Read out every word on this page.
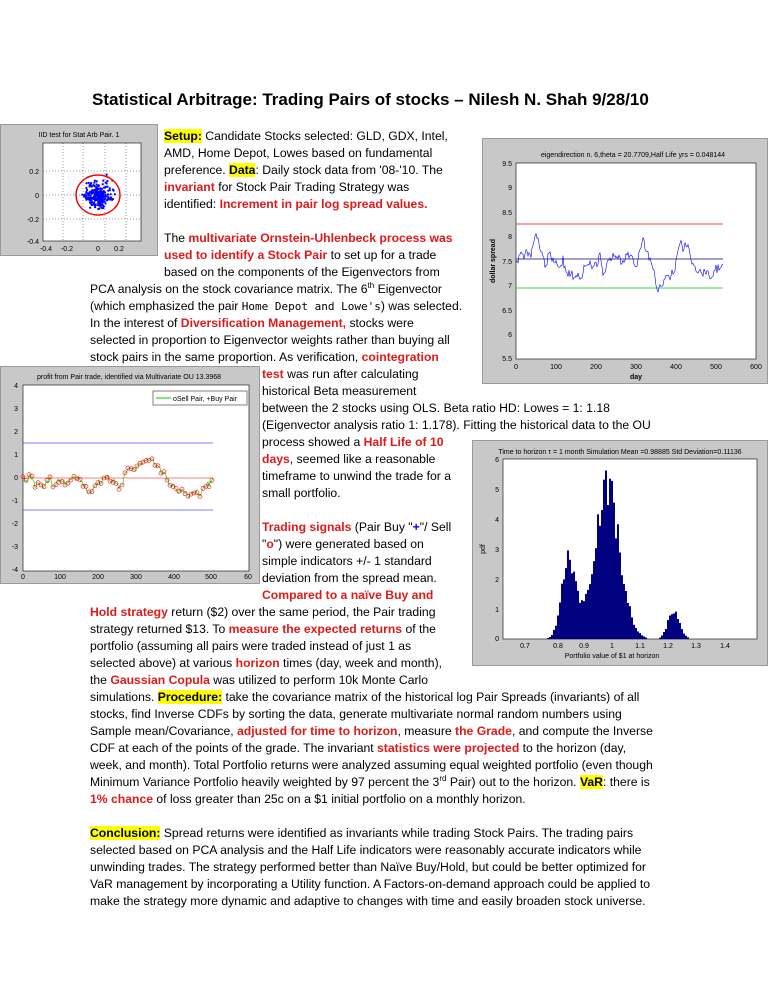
Statistical Arbitrage: Trading Pairs of stocks – Nilesh N. Shah 9/28/10
IID test for Stat Arb Pair. 1
0.2
0
-0.2
-0.4
-0.4 -0.2	0 0.2
eigendirection n. 6,theta = 20.7709,Half Life yrs = 0.048144
9.5
9
8.5
8
7.5
7
6.5
6
5.5
0	100	200	300	400	500	600
day
dollar spread
profit from Pair trade, identified via Multivariate OU 13.3968
oSell Pair, +Buy Pair
4
3
2
1
0
-1
-2
-3
-4
0	100	200	300	400	500	60
Time to horizon τ = 1 month Simulation Mean =0.98885 Std Deviation=0.11136
6
5
4
3
2
1
0
0.7	0.8 0.9	1	1.1	1.2	1.3	1.4
Portfolio value of $1 at horizon
pdf
Setup: Candidate Stocks selected: GLD, GDX, Intel,
AMD, Home Depot, Lowes based on fundamental
preference. Data: Daily stock data from '08-'10. The
invariant for Stock Pair Trading Strategy was
identified: Increment in pair log spread values.
The multivariate Ornstein-Uhlenbeck process was
used to identify a Stock Pair to set up for a trade
based on the components of the Eigenvectors from
PCA analysis on the stock covariance matrix. The 6th Eigenvector
(which emphasized the pair Home Depot and Lowe's) was selected.
In the interest of Diversification Management, stocks were
selected in proportion to Eigenvector weights rather than buying all
stock pairs in the same proportion. As verification, cointegration
test was run after calculating
historical Beta measurement
between the 2 stocks using OLS. Beta ratio HD: Lowes = 1: 1.18
(Eigenvector analysis ratio 1: 1.178). Fitting the historical data to the OU
process showed a Half Life of 10
days, seemed like a reasonable
timeframe to unwind the trade for a
small portfolio.
Trading signals (Pair Buy "+"/ Sell
"o") were generated based on
simple indicators +/- 1 standard
deviation from the spread mean.
Compared to a naïve Buy and
Hold strategy return ($2) over the same period, the Pair trading
strategy returned $13. To measure the expected returns of the
portfolio (assuming all pairs were traded instead of just 1 as
selected above) at various horizon times (day, week and month),
the Gaussian Copula was utilized to perform 10k Monte Carlo
simulations. Procedure: take the covariance matrix of the historical log Pair Spreads (invariants) of all
stocks, find Inverse CDFs by sorting the data, generate multivariate normal random numbers using
Sample mean/Covariance, adjusted for time to horizon, measure the Grade, and compute the Inverse
CDF at each of the points of the grade. The invariant statistics were projected to the horizon (day,
week, and month). Total Portfolio returns were analyzed assuming equal weighted portfolio (even though
Minimum Variance Portfolio heavily weighted by 97 percent the 3rd Pair) out to the horizon. VaR: there is
1% chance of loss greater than 25c on a $1 initial portfolio on a monthly horizon.
Conclusion: Spread returns were identified as invariants while trading Stock Pairs. The trading pairs
selected based on PCA analysis and the Half Life indicators were reasonably accurate indicators while
unwinding trades. The strategy performed better than Naïve Buy/Hold, but could be better optimized for
VaR management by incorporating a Utility function. A Factors-on-demand approach could be applied to
make the strategy more dynamic and adaptive to changes with time and easily broaden stock universe.
